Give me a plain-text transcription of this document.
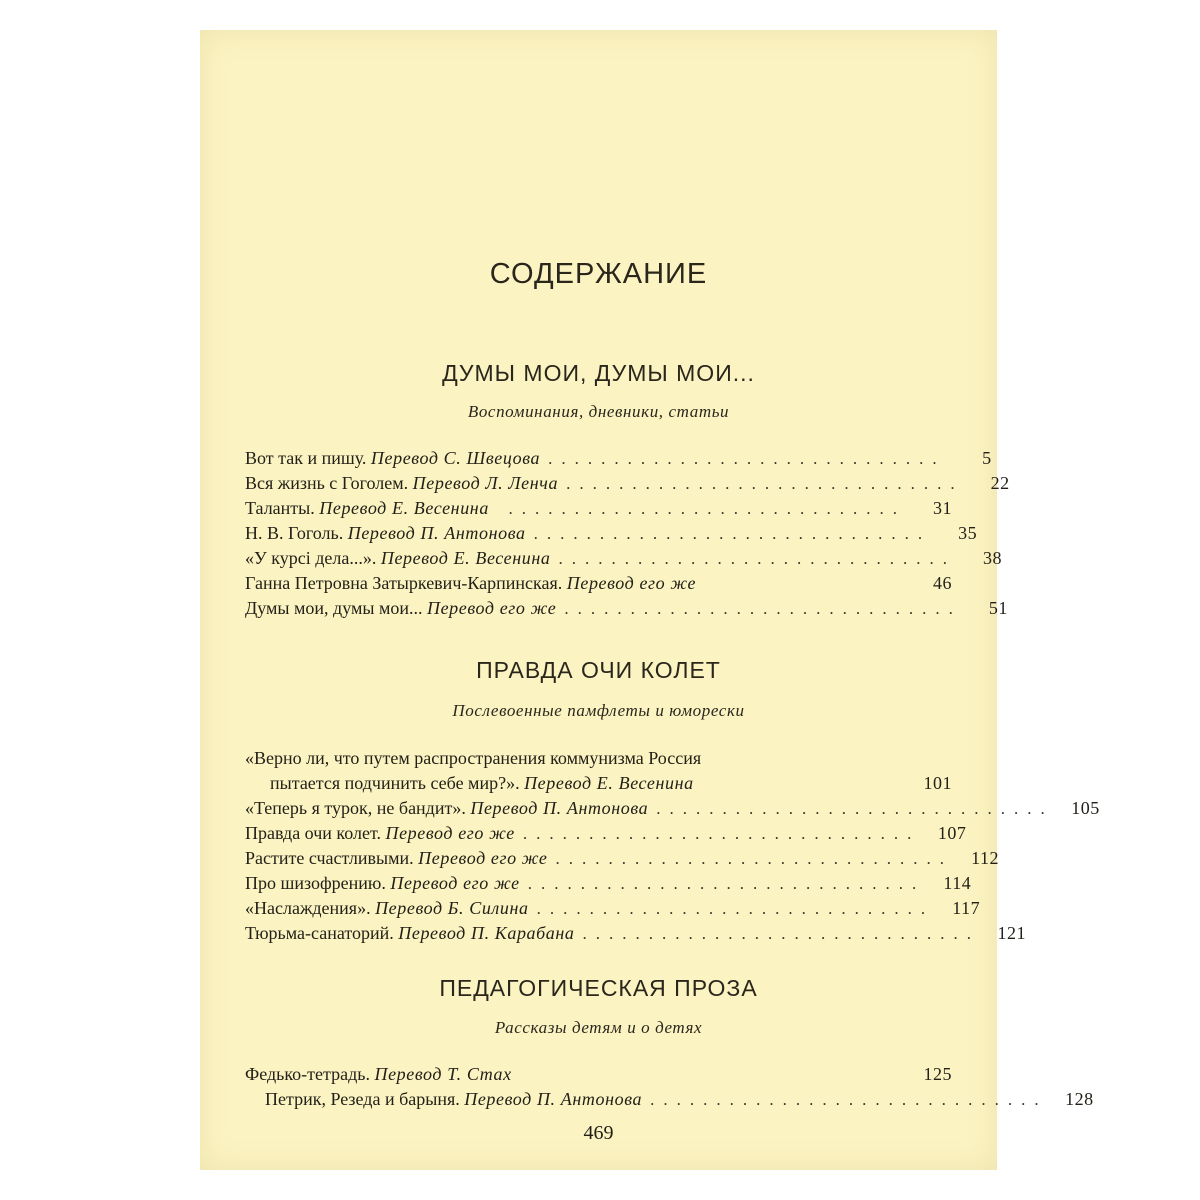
СОДЕРЖАНИЕ
ДУМЫ МОИ, ДУМЫ МОИ...
Воспоминания, дневники, статьи
Вот так и пишу. Перевод С. Швецова ..............................	5
Вся жизнь с Гоголем. Перевод Л. Ленча ..............................	22
Таланты. Перевод Е. Весенина	..............................	31
Н. В. Гоголь. Перевод П. Антонова ..............................	35
«У курсі дела...». Перевод Е. Весенина ..............................	38
Ганна Петровна Затыркевич-Карпинская. Перевод его же	46
Думы мои, думы мои... Перевод его же ..............................	51
ПРАВДА ОЧИ КОЛЕТ
Послевоенные памфлеты и юморески
«Верно ли, что путем распространения коммунизма Россия
пытается подчинить себе мир?». Перевод Е. Весенина	101
«Теперь я турок, не бандит». Перевод П. Антонова .............................. 105
Правда очи колет. Перевод его же .............................. 107
Растите счастливыми. Перевод его же ..............................	112
Про шизофрению. Перевод его же ..............................	114
«Наслаждения». Перевод Б. Силина ..............................	117
Тюрьма-санаторий. Перевод П. Карабана .............................. 121
ПЕДАГОГИЧЕСКАЯ ПРОЗА
Рассказы детям и о детях
Федько-тетрадь. Перевод Т. Стах	125
Петрик, Резеда и барыня. Перевод П. Антонова .............................. 128
469
